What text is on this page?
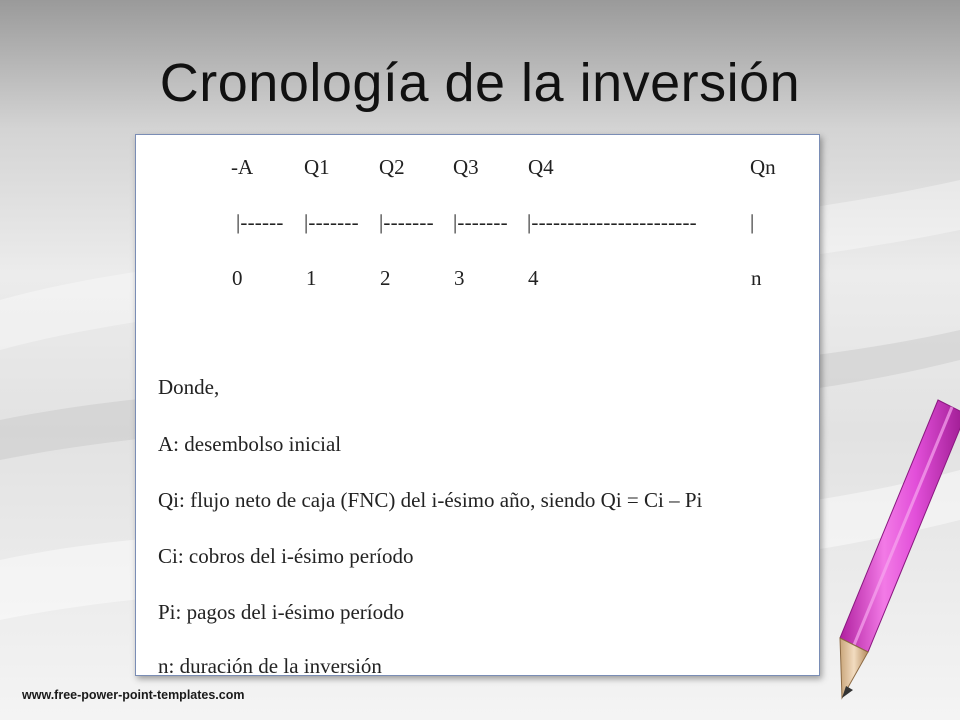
Cronología de la inversión
-A Q1 Q2 Q3 Q4	Qn
|------ |------- |------- |------- |-----------------------	|
0	1	2	3	4	n
Donde,
A: desembolso inicial
Qi: flujo neto de caja (FNC) del i-ésimo año, siendo Qi = Ci – Pi
Ci: cobros del i-ésimo período
Pi: pagos del i-ésimo período
n: duración de la inversión
www.free-power-point-templates.com
